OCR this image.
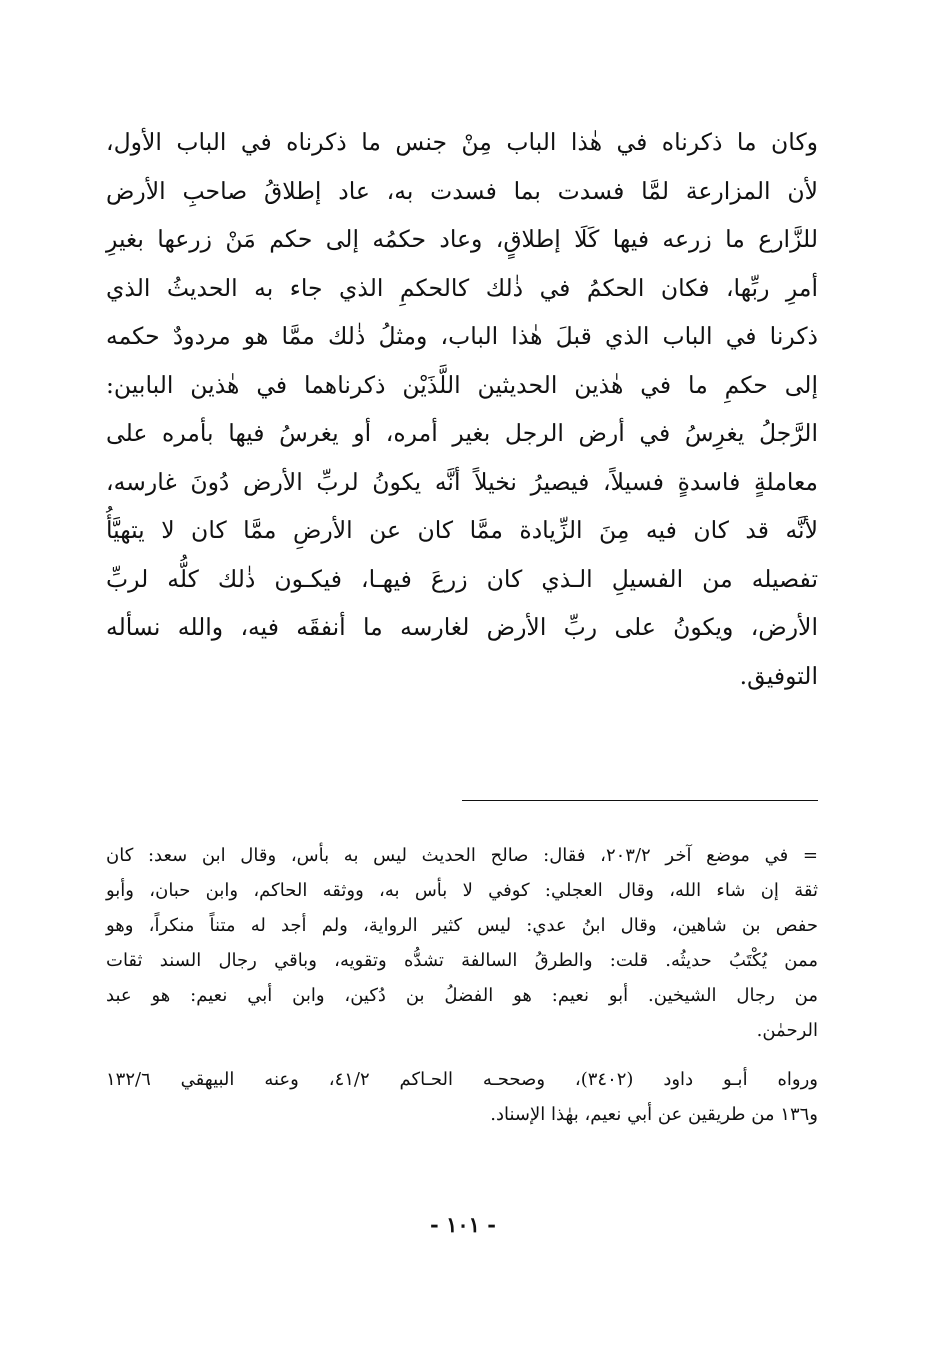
وكان ما ذكرناه في هٰذا الباب مِنْ جنس ما ذكرناه في الباب الأول،
لأن المزارعة لمَّا فسدت بما فسدت به، عاد إطلاقُ صاحبِ الأرض
للزَّارع ما زرعه فيها كَلَا إطلاقٍ، وعاد حكمُه إلى حكم مَنْ زرعها بغيرِ
أمرِ ربِّها، فكان الحكمُ في ذٰلك كالحكمِ الذي جاء به الحديثُ الذي
ذكرنا في الباب الذي قبلَ هٰذا الباب، ومثلُ ذٰلك ممَّا هو مردودٌ حكمه
إلى حكمِ ما في هٰذين الحديثين اللَّذَيْن ذكرناهما في هٰذين البابين:
الرَّجلُ يغرِسُ في أرض الرجل بغير أمره، أو يغرسُ فيها بأمره على
معاملةٍ فاسدةٍ فسيلاً، فيصيرُ نخيلاً أنَّه يكونُ لربِّ الأرض دُونَ غارسه،
لأنَّه قد كان فيه مِنَ الزِّيادة ممَّا كان عن الأرضِ ممَّا كان لا يتهيَّأُ
تفصيله من الفسيلِ الـذي كان زرعَ فيهـا، فيكـون ذٰلك كلُّه لربِّ
الأرض، ويكونُ على ربِّ الأرض لغارسه ما أنفقَه فيه، والله نسأله
التوفيق.
= في موضع آخر ٢٠٣/٢، فقال: صالح الحديث ليس به بأس، وقال ابن سعد: كان
ثقة إن شاء الله، وقال العجلي: كوفي لا بأس به، ووثقه الحاكم، وابن حبان، وأبو
حفص بن شاهين، وقال ابنُ عدي: ليس كثير الرواية، ولم أجد له متناً منكراً، وهو
ممن يُكْتَبُ حديثُه. قلت: والطرقُ السالفة تشدُّه وتقويه، وباقي رجال السند ثقات
من رجال الشيخين. أبو نعيم: هو الفضلُ بن دُكين، وابن أبي نعيم: هو عبد
الرحمٰن.
ورواه أبـو داود (٣٤٠٢)، وصححـه الحـاكم ٤١/٢، وعنه البيهقي ١٣٢/٦
و١٣٦ من طريقين عن أبي نعيم، بهٰذا الإسناد.
- ١٠١ -
